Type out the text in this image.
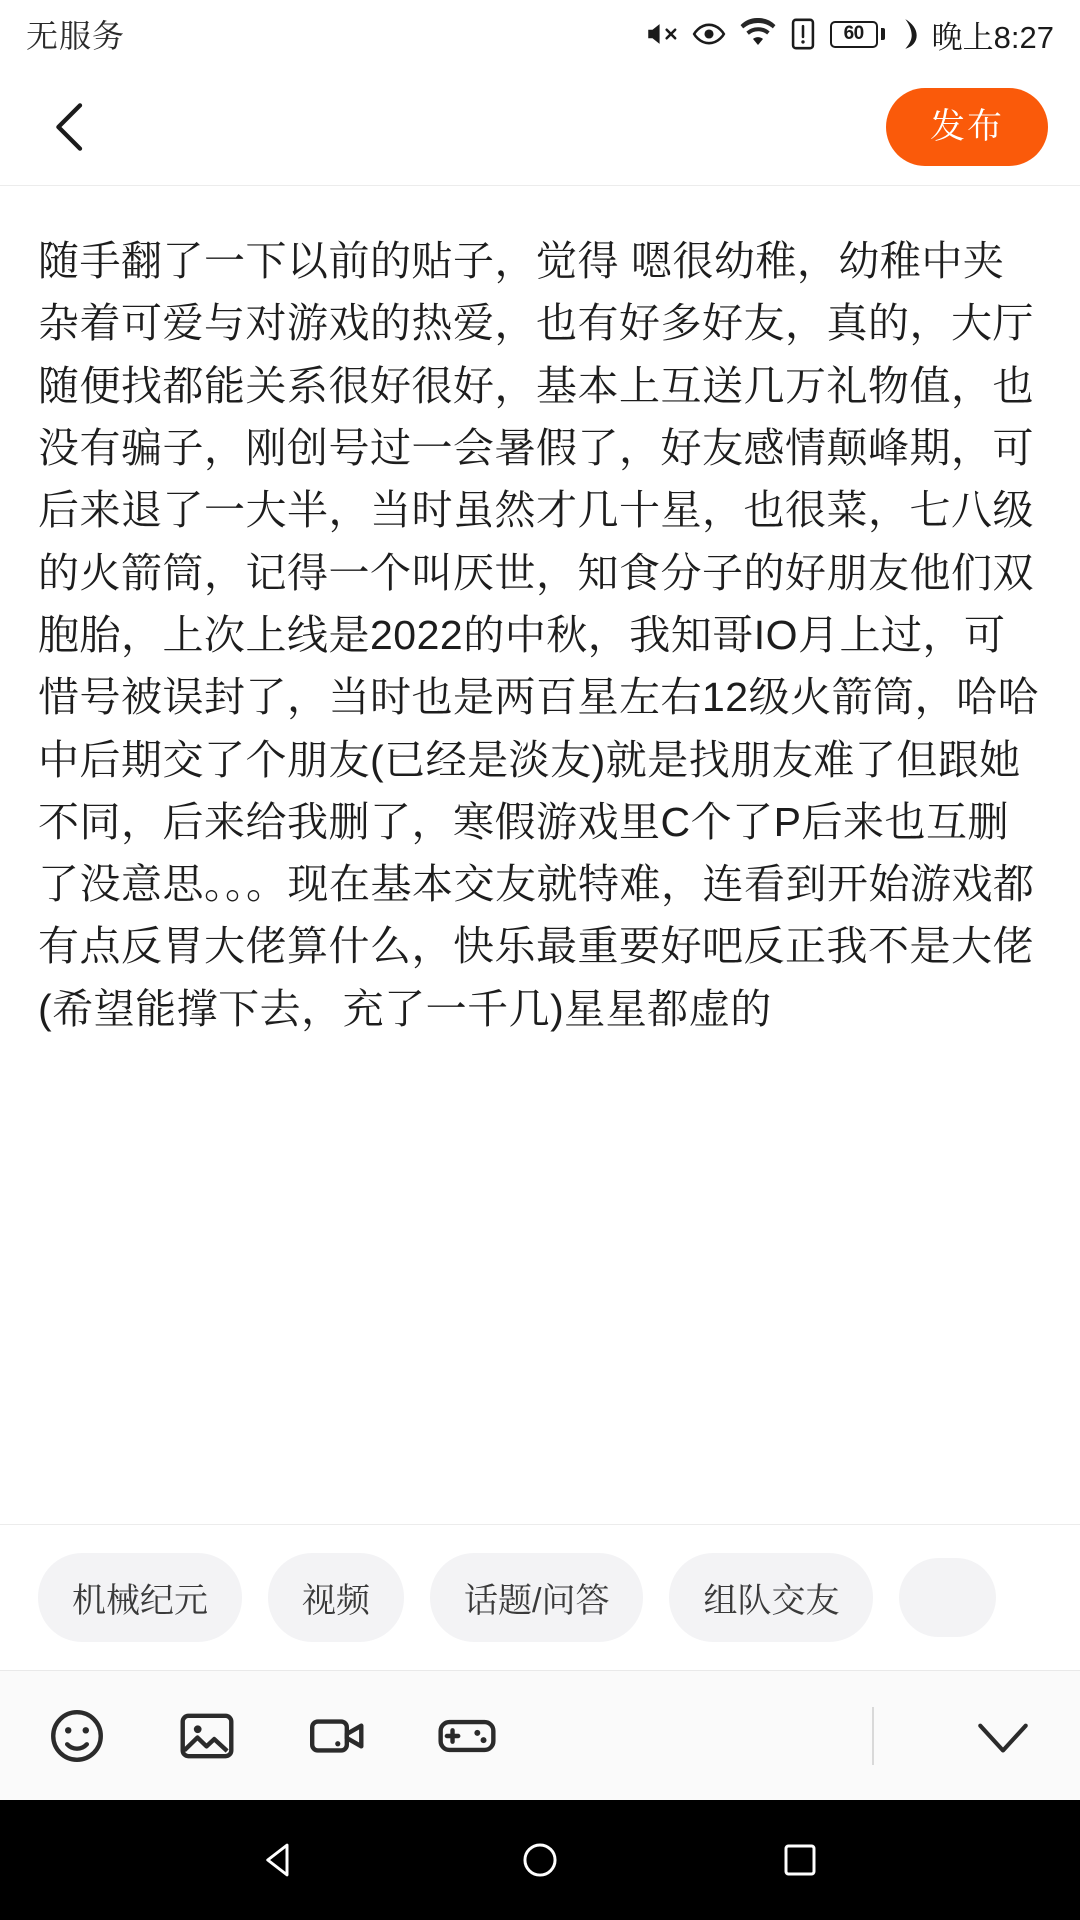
无服务	60	晚上8:27
发布
随手翻了一下以前的贴子，觉得 嗯很幼稚，幼稚中夹杂着可爱与对游戏的热爱，也有好多好友，真的，大厅 随便找都能关系很好很好，基本上互送几万礼物值，也没有骗子，刚创号过一会暑假了，好友感情颠峰期，可后来退了一大半，当时虽然才几十星，也很菜，七八级的火箭筒，记得一个叫厌世，知食分子的好朋友他们双胞胎，上次上线是2022的中秋，我知哥IO月上过，可惜号被误封了，当时也是两百星左右12级火箭筒，哈哈中后期交了个朋友(已经是淡友)就是找朋友难了但跟她不同，后来给我删了，寒假游戏里C个了P后来也互删了没意思。。。现在基本交友就特难，连看到开始游戏都有点反胃大佬算什么，快乐最重要好吧反正我不是大佬(希望能撑下去，充了一千几)星星都虚的
机械纪元	视频	话题/问答	组队交友
